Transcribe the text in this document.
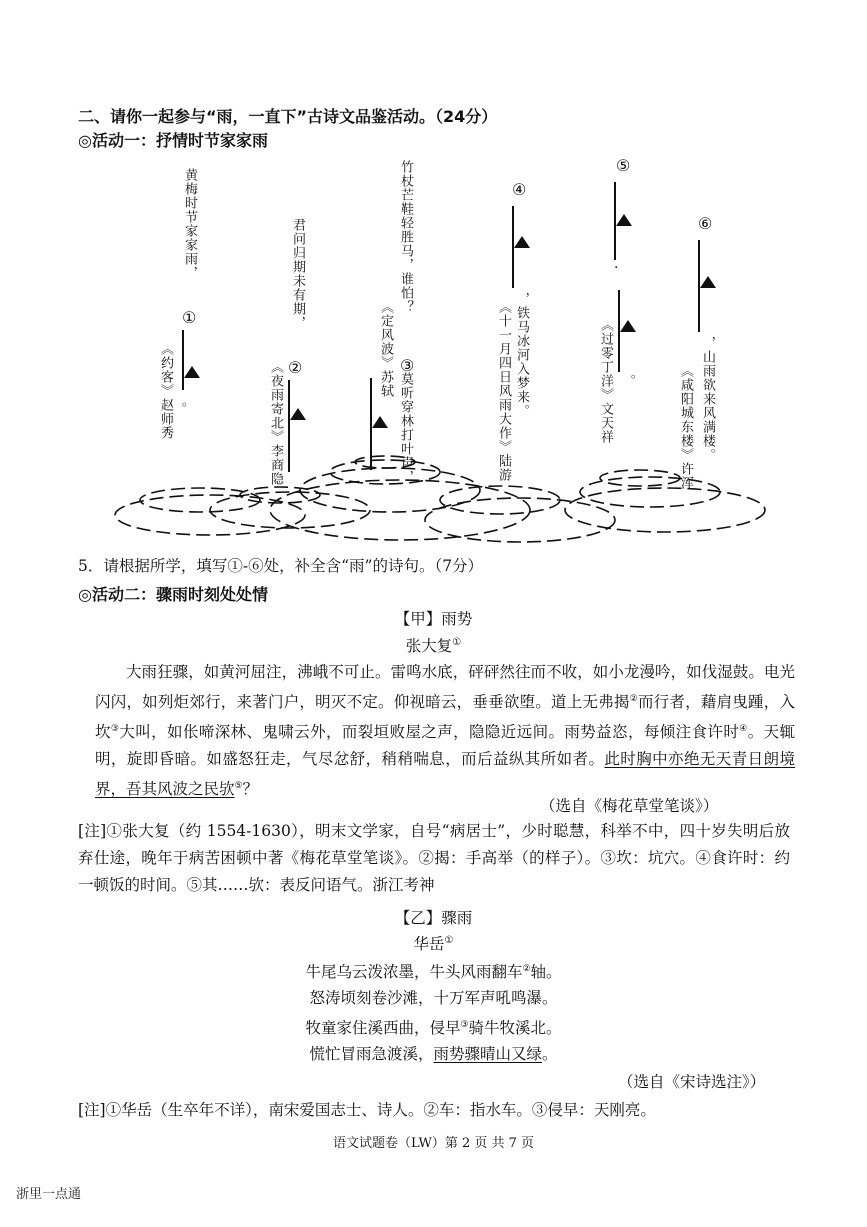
二、请你一起参与“雨，一直下”古诗文品鉴活动。（24分）
◎活动一：抒情时节家家雨
黄梅时节家家雨，
①
《约客》赵师秀 。
君问归期未有期，
②
《夜雨寄北》李商隐
竹杖芒鞋轻胜马，谁怕？
③
《定风波》苏轼
莫听穿林打叶声，
④
，铁马冰河入梦来。
《十一月四日风雨大作》陆游
⑤
·
。
《过零丁洋》文天祥
⑥
，山雨欲来风满楼。
《咸阳城东楼》许浑
5．请根据所学，填写①-⑥处，补全含“雨”的诗句。（7分）
◎活动二：骤雨时刻处处情
【甲】雨势
张大复①
大雨狂骤，如黄河屈注，沸峨不可止。雷鸣水底，砰砰然往而不收，如小龙漫吟，如伐湿鼓。电光闪闪，如列炬郊行，来著门户，明灭不定。仰视暗云，垂垂欲堕。道上无弗揭②而行者，藉肩曳踵，入坎③大叫，如伥啼深林、鬼啸云外，而裂垣败屋之声，隐隐近远间。雨势益恣，每倾注食许时④。天辄明，旋即昏暗。如盛怒狂走，气尽忿舒，稍稍喘息，而后益纵其所如者。此时胸中亦绝无天青日朗境界，吾其风波之民欤⑤？
（选自《梅花草堂笔谈》）
[注]①张大复（约 1554-1630），明末文学家，自号“病居士”，少时聪慧，科举不中，四十岁失明后放弃仕途，晚年于病苦困顿中著《梅花草堂笔谈》。②揭：手高举（的样子）。③坎：坑穴。④食许时：约一顿饭的时间。⑤其……欤：表反问语气。浙江考神
【乙】骤雨
华岳①
牛尾乌云泼浓墨，牛头风雨翻车②轴。
怒涛顷刻卷沙滩，十万军声吼鸣瀑。
牧童家住溪西曲，侵早③骑牛牧溪北。
慌忙冒雨急渡溪，雨势骤晴山又绿。
（选自《宋诗选注》）
[注]①华岳（生卒年不详），南宋爱国志士、诗人。②车：指水车。③侵早：天刚亮。
语文试题卷（LW）第 2 页 共 7 页
浙里一点通
